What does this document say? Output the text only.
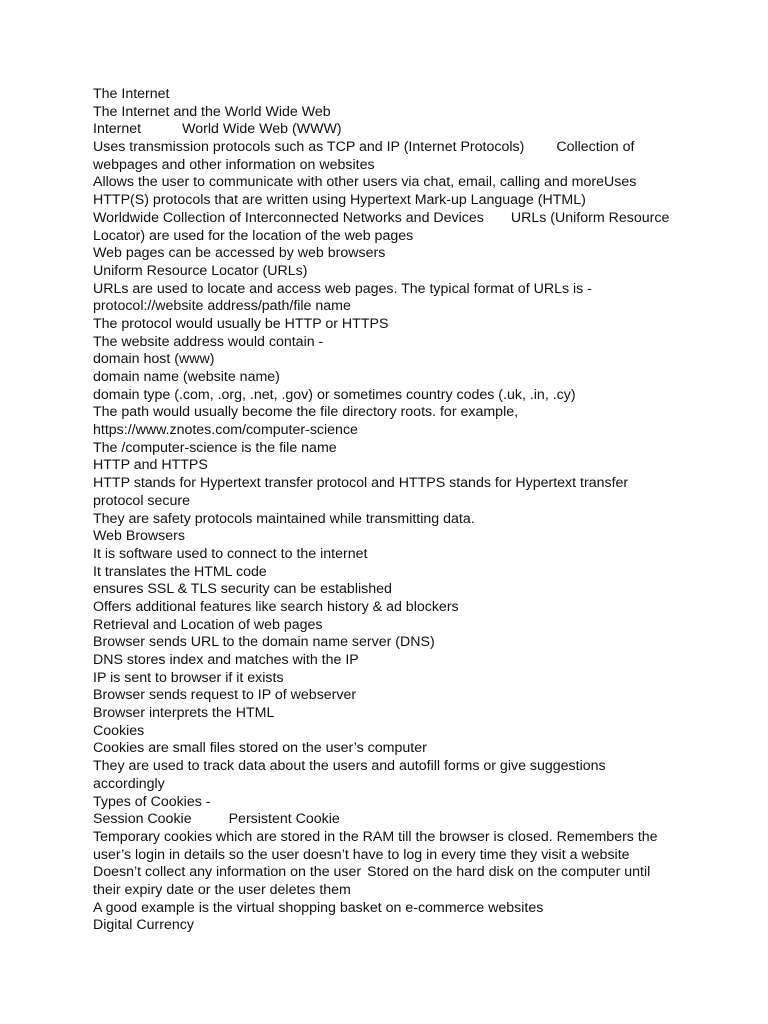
The Internet
The Internet and the World Wide Web
Internet	World Wide Web (WWW)
Uses transmission protocols such as TCP and IP (Internet Protocols) Collection of
webpages and other information on websites
Allows the user to communicate with other users via chat, email, calling and moreUses
HTTP(S) protocols that are written using Hypertext Mark-up Language (HTML)
Worldwide Collection of Interconnected Networks and Devices URLs (Uniform Resource
Locator) are used for the location of the web pages
Web pages can be accessed by web browsers
Uniform Resource Locator (URLs)
URLs are used to locate and access web pages. The typical format of URLs is -
protocol://website address/path/file name
The protocol would usually be HTTP or HTTPS
The website address would contain -
domain host (www)
domain name (website name)
domain type (.com, .org, .net, .gov) or sometimes country codes (.uk, .in, .cy)
The path would usually become the file directory roots. for example,
https://www.znotes.com/computer-science
The /computer-science is the file name
HTTP and HTTPS
HTTP stands for Hypertext transfer protocol and HTTPS stands for Hypertext transfer
protocol secure
They are safety protocols maintained while transmitting data.
Web Browsers
It is software used to connect to the internet
It translates the HTML code
ensures SSL & TLS security can be established
Offers additional features like search history & ad blockers
Retrieval and Location of web pages
Browser sends URL to the domain name server (DNS)
DNS stores index and matches with the IP
IP is sent to browser if it exists
Browser sends request to IP of webserver
Browser interprets the HTML
Cookies
Cookies are small files stored on the user’s computer
They are used to track data about the users and autofill forms or give suggestions
accordingly
Types of Cookies -
Session Cookie	Persistent Cookie
Temporary cookies which are stored in the RAM till the browser is closed. Remembers the
user’s login in details so the user doesn’t have to log in every time they visit a website
Doesn’t collect any information on the user Stored on the hard disk on the computer until
their expiry date or the user deletes them
A good example is the virtual shopping basket on e-commerce websites
Digital Currency
